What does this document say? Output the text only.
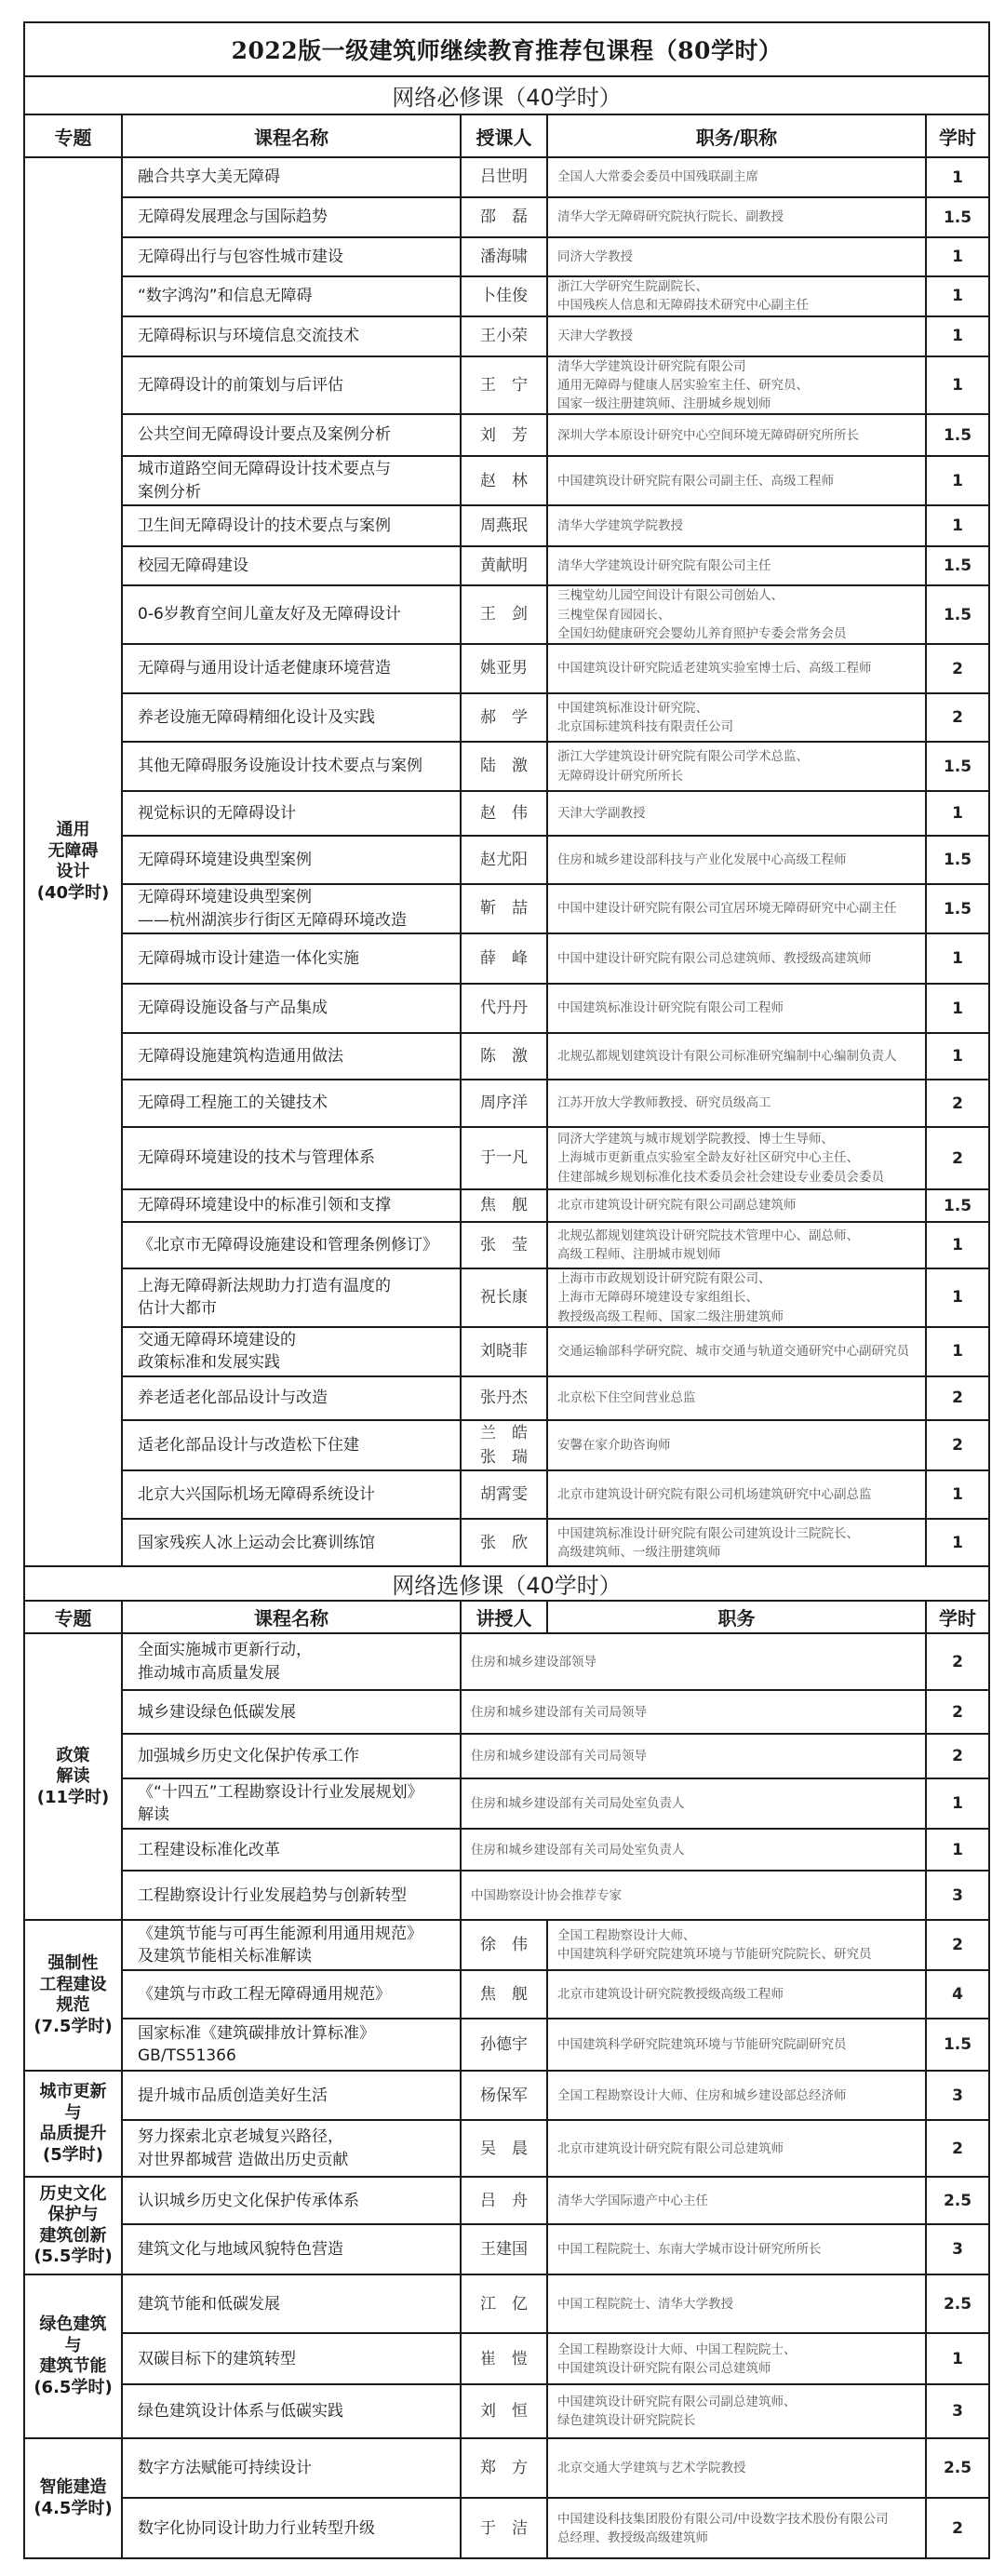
2022版一级建筑师继续教育推荐包课程（80学时）				
网络必修课（40学时）				
专题	课程名称	授课人	职务/职称	学时
通用
无障碍
设计
(40学时)	融合共享大美无障碍	吕世明	全国人大常委会委员中国残联副主席	1
	无障碍发展理念与国际趋势	邵　磊	清华大学无障碍研究院执行院长、副教授	1.5
	无障碍出行与包容性城市建设	潘海啸	同济大学教授	1
	“数字鸿沟”和信息无障碍	卜佳俊	浙江大学研究生院副院长、
中国残疾人信息和无障碍技术研究中心副主任	1
	无障碍标识与环境信息交流技术	王小荣	天津大学教授	1
	无障碍设计的前策划与后评估	王　宁	清华大学建筑设计研究院有限公司
通用无障碍与健康人居实验室主任、研究员、
国家一级注册建筑师、注册城乡规划师	1
	公共空间无障碍设计要点及案例分析	刘　芳	深圳大学本原设计研究中心空间环境无障碍研究所所长	1.5
	城市道路空间无障碍设计技术要点与
案例分析	赵　林	中国建筑设计研究院有限公司副主任、高级工程师	1
	卫生间无障碍设计的技术要点与案例	周燕珉	清华大学建筑学院教授	1
	校园无障碍建设	黄献明	清华大学建筑设计研究院有限公司主任	1.5
	0-6岁教育空间儿童友好及无障碍设计	王　剑	三槐堂幼儿园空间设计有限公司创始人、
三槐堂保育园园长、
全国妇幼健康研究会婴幼儿养育照护专委会常务会员	1.5
	无障碍与通用设计适老健康环境营造	姚亚男	中国建筑设计研究院适老建筑实验室博士后、高级工程师	2
	养老设施无障碍精细化设计及实践	郝　学	中国建筑标准设计研究院、
北京国标建筑科技有限责任公司	2
	其他无障碍服务设施设计技术要点与案例	陆　激	浙江大学建筑设计研究院有限公司学术总监、
无障碍设计研究所所长	1.5
	视觉标识的无障碍设计	赵　伟	天津大学副教授	1
	无障碍环境建设典型案例	赵尤阳	住房和城乡建设部科技与产业化发展中心高级工程师	1.5
	无障碍环境建设典型案例
——杭州湖滨步行街区无障碍环境改造	靳　喆	中国中建设计研究院有限公司宜居环境无障碍研究中心副主任	1.5
	无障碍城市设计建造一体化实施	薛　峰	中国中建设计研究院有限公司总建筑师、教授级高建筑师	1
	无障碍设施设备与产品集成	代丹丹	中国建筑标准设计研究院有限公司工程师	1
	无障碍设施建筑构造通用做法	陈　激	北规弘都规划建筑设计有限公司标准研究编制中心编制负责人	1
	无障碍工程施工的关键技术	周序洋	江苏开放大学教师教授、研究员级高工	2
	无障碍环境建设的技术与管理体系	于一凡	同济大学建筑与城市规划学院教授、博士生导师、
上海城市更新重点实验室全龄友好社区研究中心主任、
住建部城乡规划标准化技术委员会社会建设专业委员会委员	2
	无障碍环境建设中的标准引领和支撑	焦　舰	北京市建筑设计研究院有限公司副总建筑师	1.5
	《北京市无障碍设施建设和管理条例修订》	张　莹	北规弘都规划建筑设计研究院技术管理中心、副总师、
高级工程师、注册城市规划师	1
	上海无障碍新法规助力打造有温度的
估计大都市	祝长康	上海市市政规划设计研究院有限公司、
上海市无障碍环境建设专家组组长、
教授级高级工程师、国家二级注册建筑师	1
	交通无障碍环境建设的
政策标准和发展实践	刘晓菲	交通运输部科学研究院、城市交通与轨道交通研究中心副研究员	1
	养老适老化部品设计与改造	张丹杰	北京松下住空间营业总监	2
	适老化部品设计与改造松下住建	兰　皓
张　瑞	安馨在家介助咨询师	2
	北京大兴国际机场无障碍系统设计	胡霄雯	北京市建筑设计研究院有限公司机场建筑研究中心副总监	1
	国家残疾人冰上运动会比赛训练馆	张　欣	中国建筑标准设计研究院有限公司建筑设计三院院长、
高级建筑师、一级注册建筑师	1
网络选修课（40学时）				
专题	课程名称	讲授人	职务	学时
政策
解读
(11学时)	全面实施城市更新行动，
推动城市高质量发展	住房和城乡建设部领导		2
	城乡建设绿色低碳发展	住房和城乡建设部有关司局领导		2
	加强城乡历史文化保护传承工作	住房和城乡建设部有关司局领导		2
	《“十四五”工程勘察设计行业发展规划》
解读	住房和城乡建设部有关司局处室负责人		1
	工程建设标准化改革	住房和城乡建设部有关司局处室负责人		1
	工程勘察设计行业发展趋势与创新转型	中国勘察设计协会推荐专家		3
强制性
工程建设
规范
(7.5学时)	《建筑节能与可再生能源利用通用规范》
及建筑节能相关标准解读	徐　伟	全国工程勘察设计大师、
中国建筑科学研究院建筑环境与节能研究院院长、研究员	2
	《建筑与市政工程无障碍通用规范》	焦　舰	北京市建筑设计研究院教授级高级工程师	4
	国家标准《建筑碳排放计算标准》
GB/TS51366	孙德宇	中国建筑科学研究院建筑环境与节能研究院副研究员	1.5
城市更新
与
品质提升
(5学时)	提升城市品质创造美好生活	杨保军	全国工程勘察设计大师、住房和城乡建设部总经济师	3
	努力探索北京老城复兴路径，
对世界都城营 造做出历史贡献	吴　晨	北京市建筑设计研究院有限公司总建筑师	2
历史文化
保护与
建筑创新
(5.5学时)	认识城乡历史文化保护传承体系	吕　舟	清华大学国际遗产中心主任	2.5
	建筑文化与地域风貌特色营造	王建国	中国工程院院士、东南大学城市设计研究所所长	3
绿色建筑
与
建筑节能
(6.5学时)	建筑节能和低碳发展	江　亿	中国工程院院士、清华大学教授	2.5
	双碳目标下的建筑转型	崔　愷	全国工程勘察设计大师、中国工程院院士、
中国建筑设计研究院有限公司总建筑师	1
	绿色建筑设计体系与低碳实践	刘　恒	中国建筑设计研究院有限公司副总建筑师、
绿色建筑设计研究院院长	3
智能建造
(4.5学时)	数字方法赋能可持续设计	郑　方	北京交通大学建筑与艺术学院教授	2.5
	数字化协同设计助力行业转型升级	于　洁	中国建设科技集团股份有限公司/中设数字技术股份有限公司
总经理、教授级高级建筑师	2
